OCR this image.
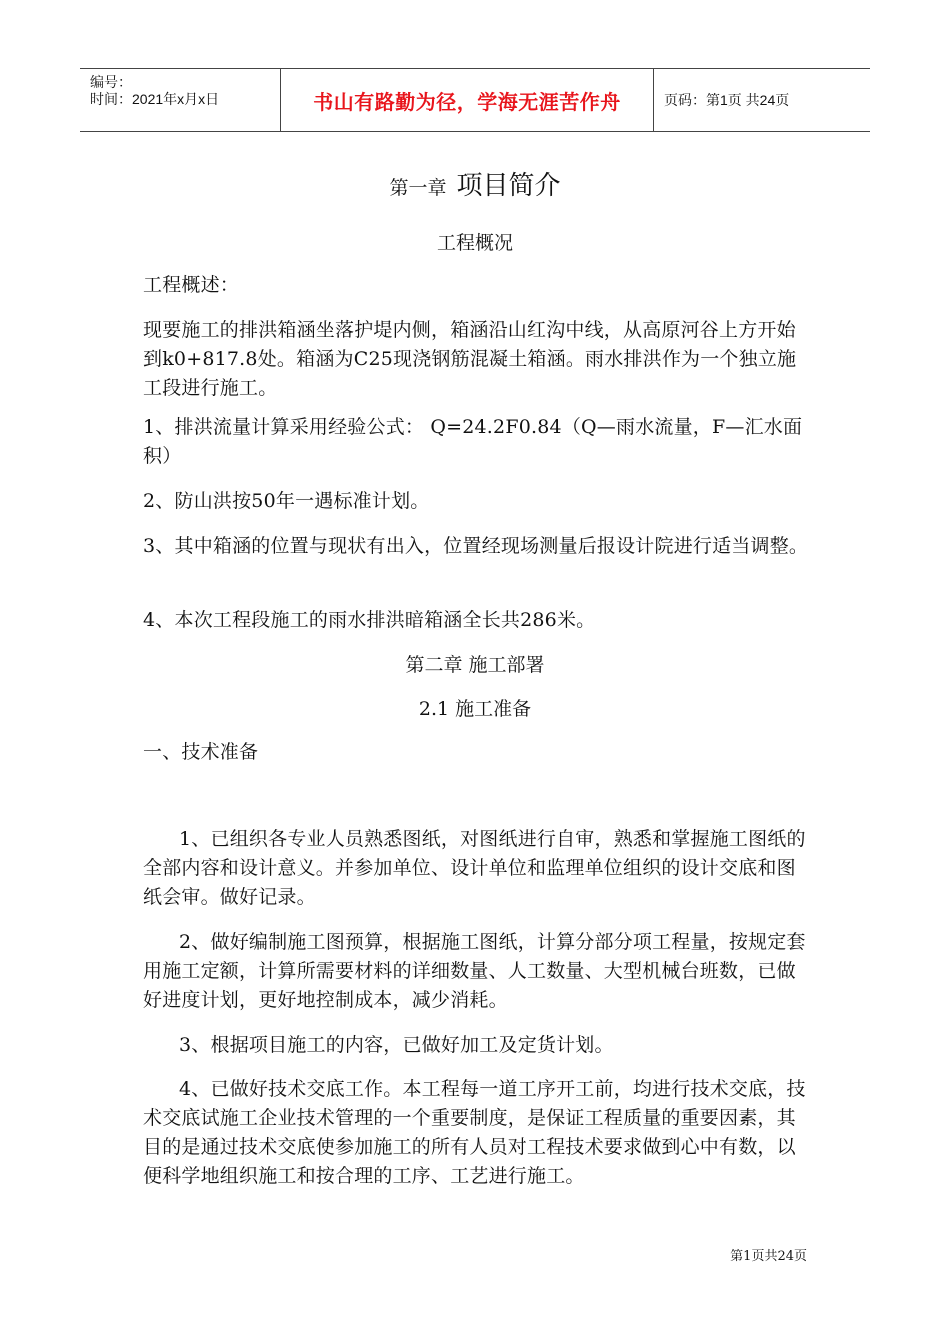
编号：
时间：2021年x月x日	书山有路勤为径，学海无涯苦作舟	页码：第1页 共24页
第一章 项目简介
工程概况
工程概述：
现要施工的排洪箱涵坐落护堤内侧，箱涵沿山红沟中线，从高原河谷上方开始到k0+817.8处。箱涵为C25现浇钢筋混凝土箱涵。雨水排洪作为一个独立施工段进行施工。
1、排洪流量计算采用经验公式： Q=24.2F0.84（Q—雨水流量，F—汇水面积）
2、防山洪按50年一遇标准计划。
3、其中箱涵的位置与现状有出入，位置经现场测量后报设计院进行适当调整。
4、本次工程段施工的雨水排洪暗箱涵全长共286米。
第二章 施工部署
2.1 施工准备
一、技术准备
1、已组织各专业人员熟悉图纸，对图纸进行自审，熟悉和掌握施工图纸的全部内容和设计意义。并参加单位、设计单位和监理单位组织的设计交底和图纸会审。做好记录。
2、做好编制施工图预算，根据施工图纸，计算分部分项工程量，按规定套用施工定额，计算所需要材料的详细数量、人工数量、大型机械台班数，已做好进度计划，更好地控制成本，减少消耗。
3、根据项目施工的内容，已做好加工及定货计划。
4、已做好技术交底工作。本工程每一道工序开工前，均进行技术交底，技术交底试施工企业技术管理的一个重要制度，是保证工程质量的重要因素，其目的是通过技术交底使参加施工的所有人员对工程技术要求做到心中有数，以便科学地组织施工和按合理的工序、工艺进行施工。
第1页共24页
